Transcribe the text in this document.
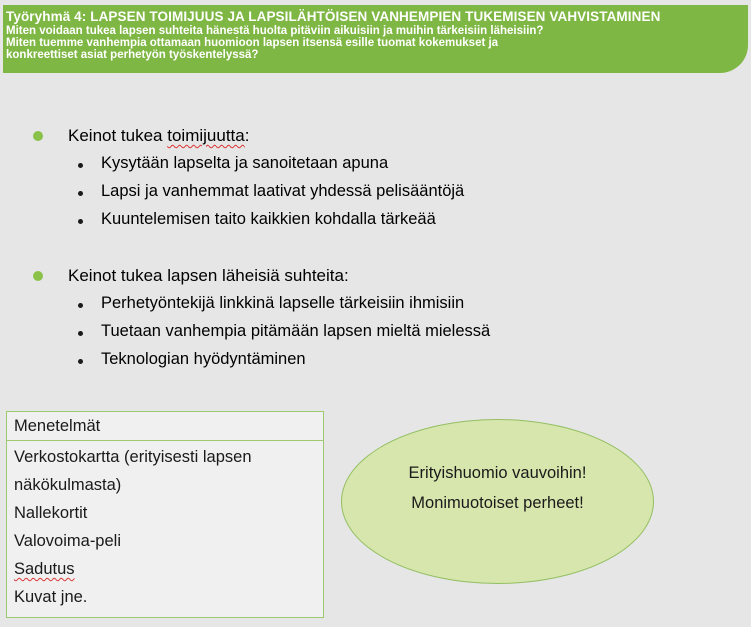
Työryhmä 4: LAPSEN TOIMIJUUS JA LAPSILÄHTÖISEN VANHEMPIEN TUKEMISEN VAHVISTAMINEN
Miten voidaan tukea lapsen suhteita hänestä huolta pitäviin aikuisiin ja muihin tärkeisiin läheisiin?
Miten tuemme vanhempia ottamaan huomioon lapsen itsensä esille tuomat kokemukset ja
konkreettiset asiat perhetyön työskentelyssä?
Keinot tukea toimijuutta:
Kysytään lapselta ja sanoitetaan apuna
Lapsi ja vanhemmat laativat yhdessä pelisääntöjä
Kuuntelemisen taito kaikkien kohdalla tärkeää
Keinot tukea lapsen läheisiä suhteita:
Perhetyöntekijä linkkinä lapselle tärkeisiin ihmisiin
Tuetaan vanhempia pitämään lapsen mieltä mielessä
Teknologian hyödyntäminen
Menetelmät
Verkostokartta (erityisesti lapsen
näkökulmasta)
Nallekortit
Valovoima-peli
Sadutus
Kuvat jne.
Erityishuomio vauvoihin!
Monimuotoiset perheet!
